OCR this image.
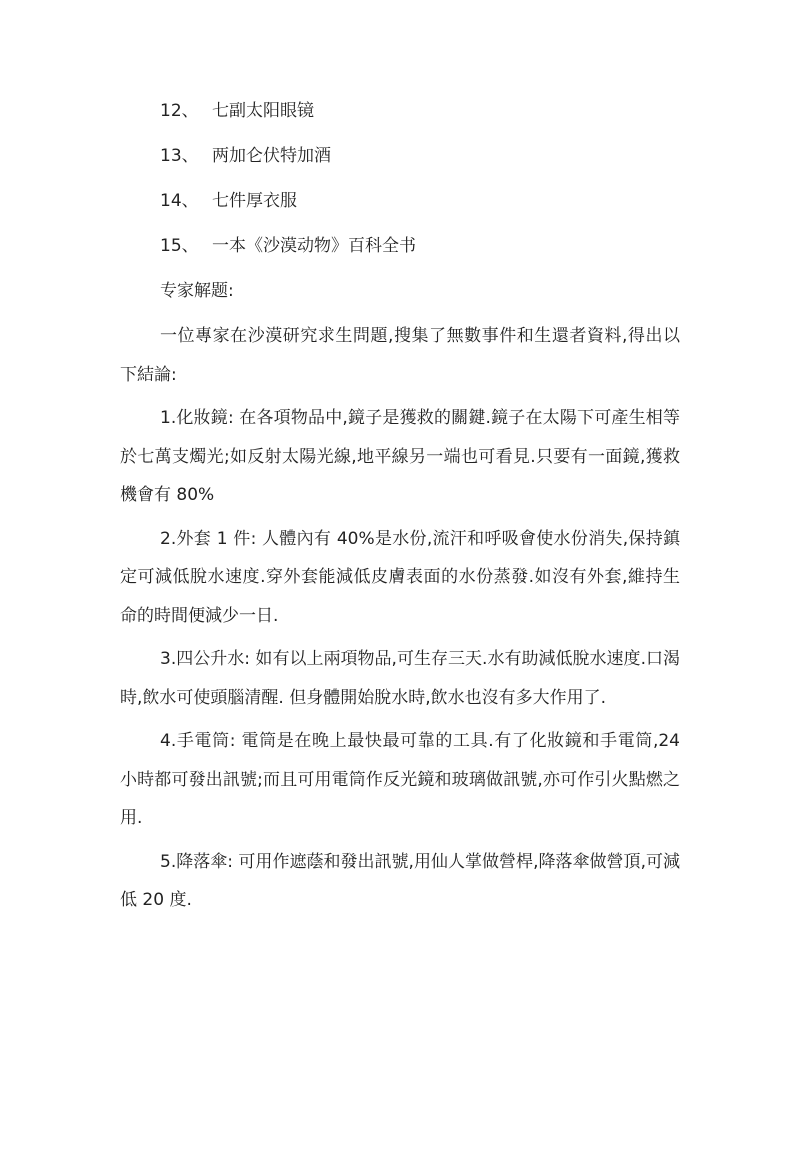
12、 七副太阳眼镜
13、 两加仑伏特加酒
14、 七件厚衣服
15、 一本《沙漠动物》百科全书
专家解题:

一位專家在沙漠研究求生問題,搜集了無數事件和生還者資料,得出以下結論:

1.化妝鏡: 在各項物品中,鏡子是獲救的關鍵.鏡子在太陽下可產生相等於七萬支燭光;如反射太陽光線,地平線另一端也可看見.只要有一面鏡,獲救機會有 80%

2.外套 1 件: 人體內有 40%是水份,流汗和呼吸會使水份消失,保持鎮定可減低脫水速度.穿外套能減低皮膚表面的水份蒸發.如沒有外套,維持生命的時間便減少一日.

3.四公升水: 如有以上兩項物品,可生存三天.水有助減低脫水速度.口渴時,飲水可使頭腦清醒. 但身體開始脫水時,飲水也沒有多大作用了.

4.手電筒: 電筒是在晚上最快最可靠的工具.有了化妝鏡和手電筒,24 小時都可發出訊號;而且可用電筒作反光鏡和玻璃做訊號,亦可作引火點燃之用.

5.降落傘: 可用作遮蔭和發出訊號,用仙人掌做營桿,降落傘做營頂,可減低 20 度.
